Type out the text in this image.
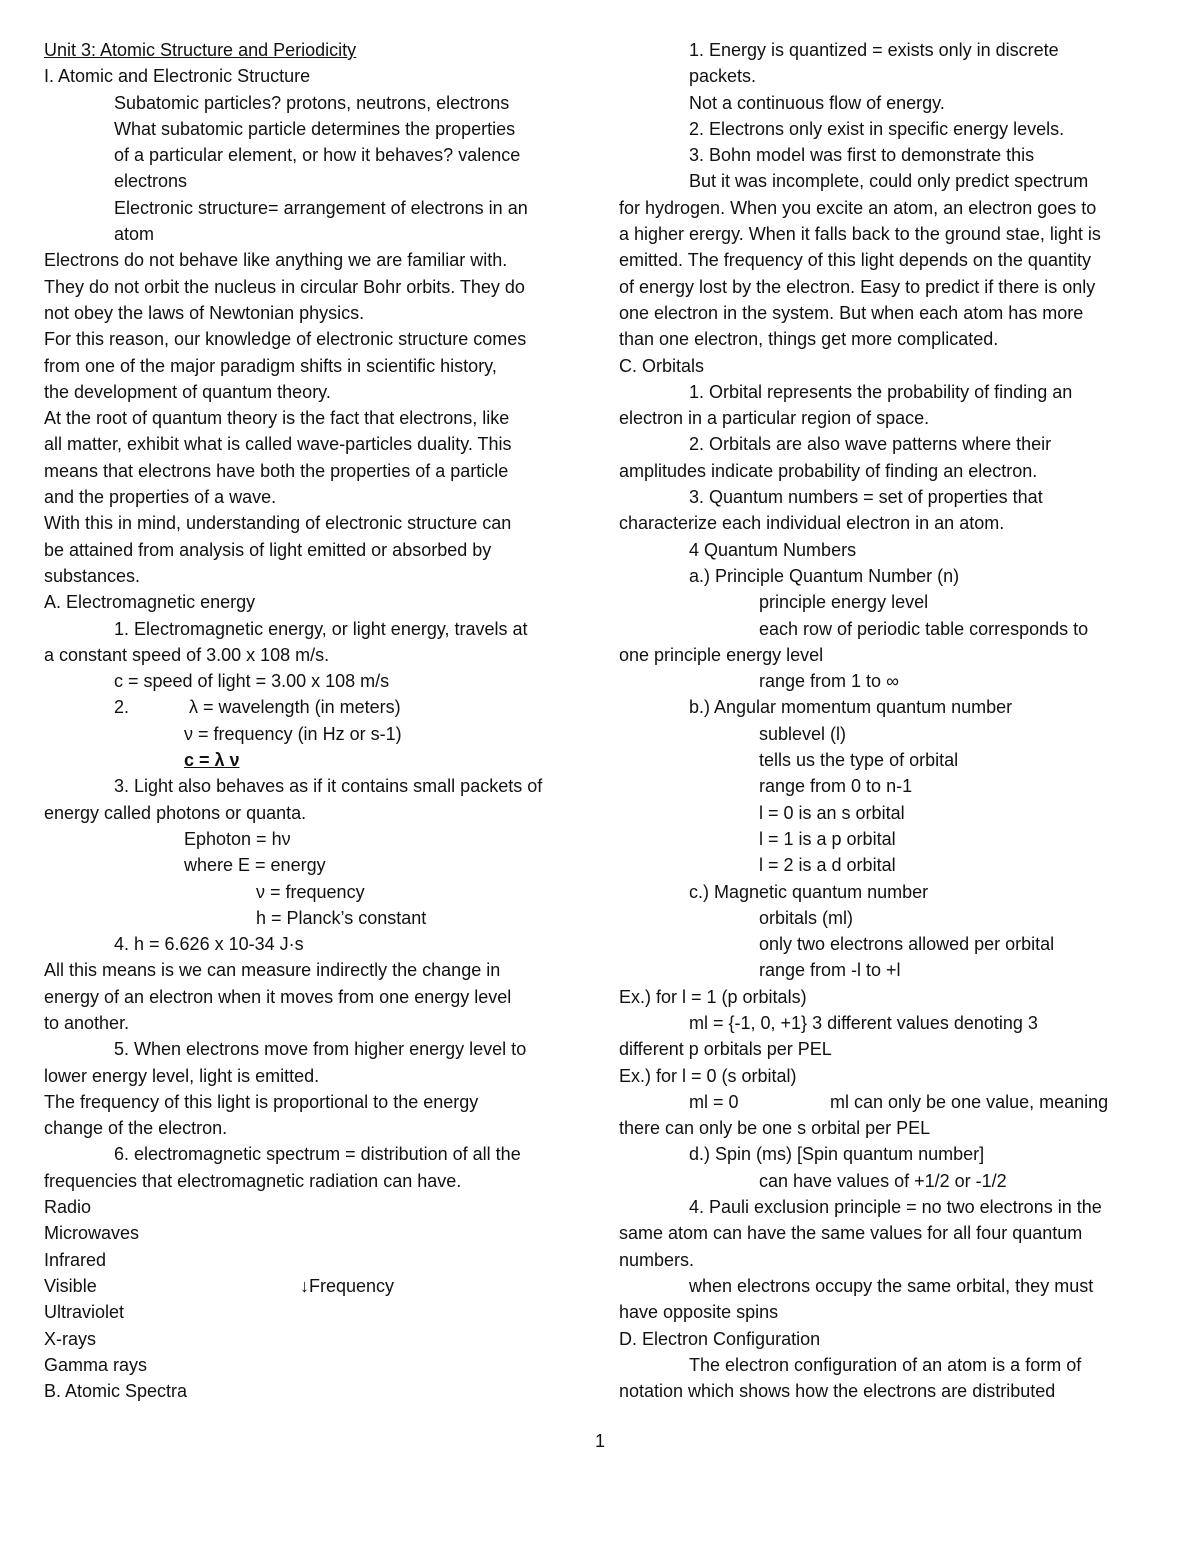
Unit 3: Atomic Structure and Periodicity
I. Atomic and Electronic Structure
Subatomic particles? protons, neutrons, electrons
What subatomic particle determines the properties
of a particular element, or how it behaves? valence
electrons
Electronic structure= arrangement of electrons in an
atom
Electrons do not behave like anything we are familiar with.
They do not orbit the nucleus in circular Bohr orbits. They do
not obey the laws of Newtonian physics.
For this reason, our knowledge of electronic structure comes
from one of the major paradigm shifts in scientific history,
the development of quantum theory.
At the root of quantum theory is the fact that electrons, like
all matter, exhibit what is called wave-particles duality. This
means that electrons have both the properties of a particle
and the properties of a wave.
With this in mind, understanding of electronic structure can
be attained from analysis of light emitted or absorbed by
substances.
A. Electromagnetic energy
1. Electromagnetic energy, or light energy, travels at
a constant speed of 3.00 x 108 m/s.
c = speed of light = 3.00 x 108 m/s
2.	λ = wavelength (in meters)
ν = frequency (in Hz or s-1)
c = λ ν
3. Light also behaves as if it contains small packets of
energy called photons or quanta.
Ephoton = hν
where E = energy
ν = frequency
h = Planck’s constant
4. h = 6.626 x 10-34 J·s
All this means is we can measure indirectly the change in
energy of an electron when it moves from one energy level
to another.
5. When electrons move from higher energy level to
lower energy level, light is emitted.
The frequency of this light is proportional to the energy
change of the electron.
6. electromagnetic spectrum = distribution of all the
frequencies that electromagnetic radiation can have.
Radio
Microwaves
Infrared
Visible	↓Frequency
Ultraviolet
X-rays
Gamma rays
B. Atomic Spectra
1. Energy is quantized = exists only in discrete
packets.
Not a continuous flow of energy.
2. Electrons only exist in specific energy levels.
3. Bohn model was first to demonstrate this
But it was incomplete, could only predict spectrum
for hydrogen. When you excite an atom, an electron goes to
a higher erergy. When it falls back to the ground stae, light is
emitted. The frequency of this light depends on the quantity
of energy lost by the electron. Easy to predict if there is only
one electron in the system. But when each atom has more
than one electron, things get more complicated.
C. Orbitals
1. Orbital represents the probability of finding an
electron in a particular region of space.
2. Orbitals are also wave patterns where their
amplitudes indicate probability of finding an electron.
3. Quantum numbers = set of properties that
characterize each individual electron in an atom.
4 Quantum Numbers
a.) Principle Quantum Number (n)
principle energy level
each row of periodic table corresponds to
one principle energy level
range from 1 to ∞
b.) Angular momentum quantum number
sublevel (l)
tells us the type of orbital
range from 0 to n-1
l = 0 is an s orbital
l = 1 is a p orbital
l = 2 is a d orbital
c.) Magnetic quantum number
orbitals (ml)
only two electrons allowed per orbital
range from -l to +l
Ex.) for l = 1 (p orbitals)
ml = {-1, 0, +1} 3 different values denoting 3
different p orbitals per PEL
Ex.) for l = 0 (s orbital)
ml = 0	ml can only be one value, meaning
there can only be one s orbital per PEL
d.) Spin (ms) [Spin quantum number]
can have values of +1/2 or -1/2
4. Pauli exclusion principle = no two electrons in the
same atom can have the same values for all four quantum
numbers.
when electrons occupy the same orbital, they must
have opposite spins
D. Electron Configuration
The electron configuration of an atom is a form of
notation which shows how the electrons are distributed
1
